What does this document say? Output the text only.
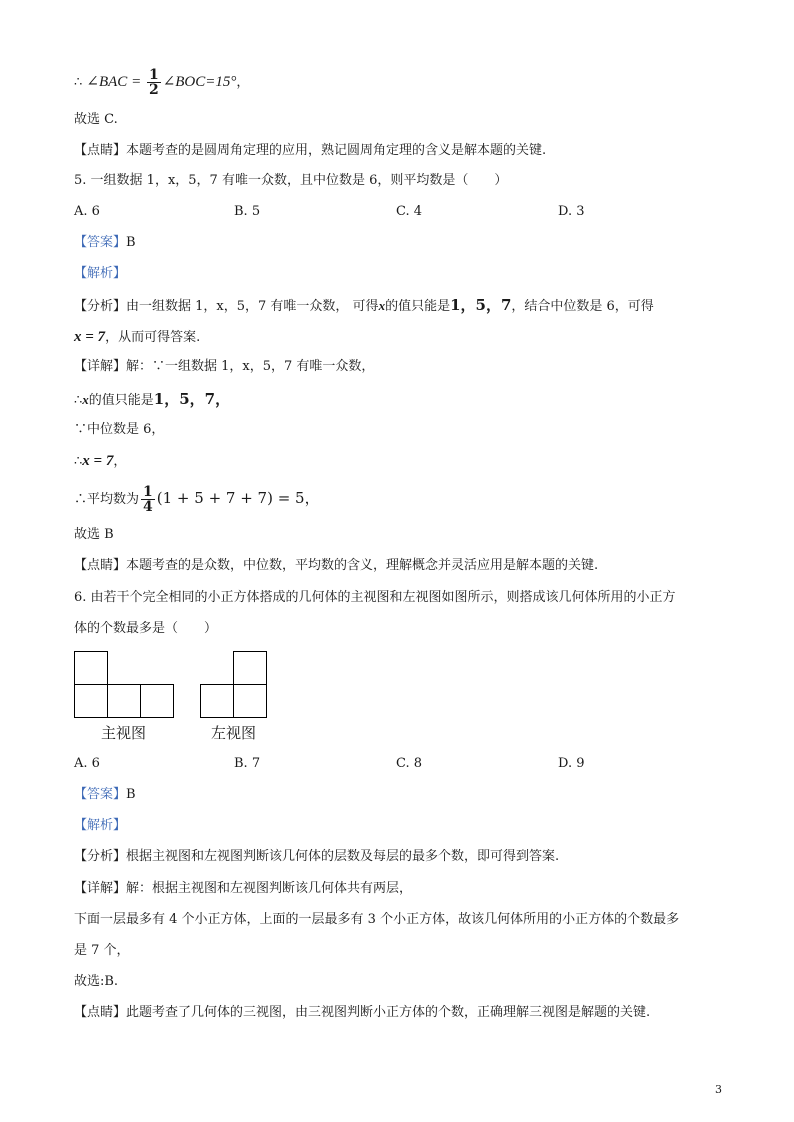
∴ ∠BAC = $\frac{1}{2}$ ∠BOC=15°，
故选 C.
【点睛】本题考查的是圆周角定理的应用，熟记圆周角定理的含义是解本题的关键.
5. 一组数据 1，x，5，7 有唯一众数，且中位数是 6，则平均数是（　　）
A. 6	B. 5	C. 4	D. 3
【答案】B
【解析】
【分析】由一组数据 1，x，5，7 有唯一众数， 可得x的值只能是1，5，7，结合中位数是 6，可得
x = 7，从而可得答案.
【详解】解：∵一组数据 1，x，5，7 有唯一众数，
∴x的值只能是1，5，7，
∵中位数是 6，
∴x = 7，
∴平均数为 $\frac{1}{4} (1 + 5 + 7 + 7) = 5$，
故选 B
【点睛】本题考查的是众数，中位数，平均数的含义，理解概念并灵活应用是解本题的关键.
6. 由若干个完全相同的小正方体搭成的几何体的主视图和左视图如图所示，则搭成该几何体所用的小正方
体的个数最多是（　　）
主视图	左视图
A. 6	B. 7	C. 8	D. 9
【答案】B
【解析】
【分析】根据主视图和左视图判断该几何体的层数及每层的最多个数，即可得到答案.
【详解】解：根据主视图和左视图判断该几何体共有两层，
下面一层最多有 4 个小正方体，上面的一层最多有 3 个小正方体，故该几何体所用的小正方体的个数最多
是 7 个，
故选:B.
【点睛】此题考查了几何体的三视图，由三视图判断小正方体的个数，正确理解三视图是解题的关键.
3
